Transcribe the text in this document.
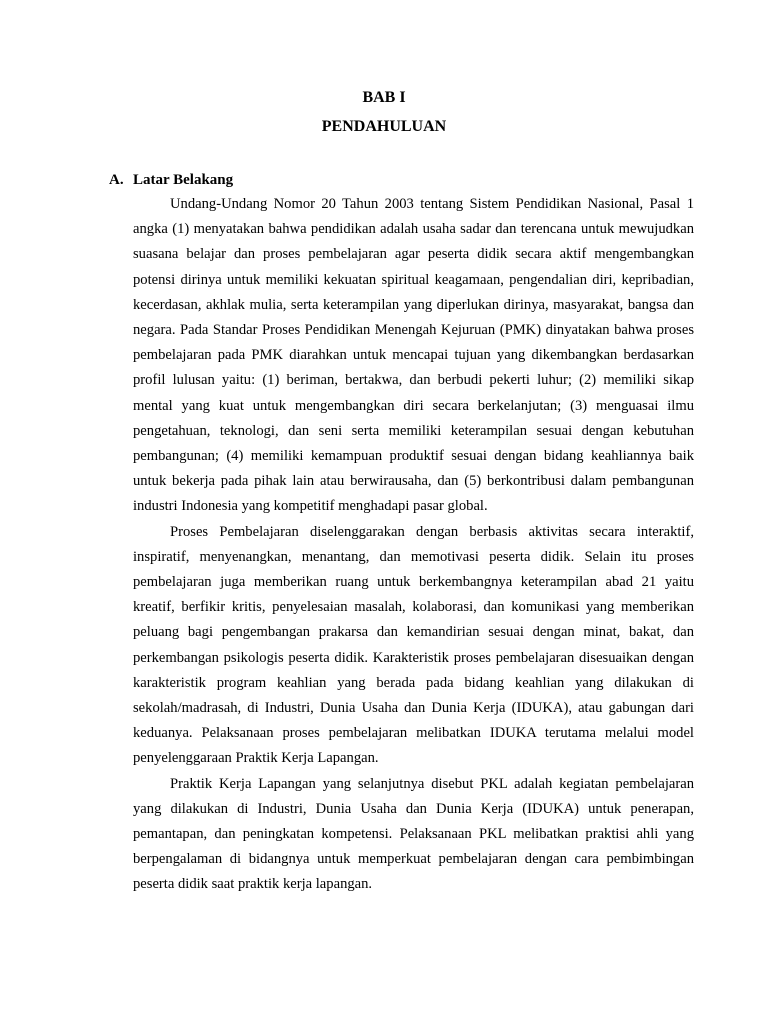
BAB I
PENDAHULUAN
A. Latar Belakang

Undang-Undang Nomor 20 Tahun 2003 tentang Sistem Pendidikan Nasional, Pasal 1 angka (1) menyatakan bahwa pendidikan adalah usaha sadar dan terencana untuk mewujudkan suasana belajar dan proses pembelajaran agar peserta didik secara aktif mengembangkan potensi dirinya untuk memiliki kekuatan spiritual keagamaan, pengendalian diri, kepribadian, kecerdasan, akhlak mulia, serta keterampilan yang diperlukan dirinya, masyarakat, bangsa dan negara. Pada Standar Proses Pendidikan Menengah Kejuruan (PMK) dinyatakan bahwa proses pembelajaran pada PMK diarahkan untuk mencapai tujuan yang dikembangkan berdasarkan profil lulusan yaitu: (1) beriman, bertakwa, dan berbudi pekerti luhur; (2) memiliki sikap mental yang kuat untuk mengembangkan diri secara berkelanjutan; (3) menguasai ilmu pengetahuan, teknologi, dan seni serta memiliki keterampilan sesuai dengan kebutuhan pembangunan; (4) memiliki kemampuan produktif sesuai dengan bidang keahliannya baik untuk bekerja pada pihak lain atau berwirausaha, dan (5) berkontribusi dalam pembangunan industri Indonesia yang kompetitif menghadapi pasar global.

Proses Pembelajaran diselenggarakan dengan berbasis aktivitas secara interaktif, inspiratif, menyenangkan, menantang, dan memotivasi peserta didik. Selain itu proses pembelajaran juga memberikan ruang untuk berkembangnya keterampilan abad 21 yaitu kreatif, berfikir kritis, penyelesaian masalah, kolaborasi, dan komunikasi yang memberikan peluang bagi pengembangan prakarsa dan kemandirian sesuai dengan minat, bakat, dan perkembangan psikologis peserta didik. Karakteristik proses pembelajaran disesuaikan dengan karakteristik program keahlian yang berada pada bidang keahlian yang dilakukan di sekolah/madrasah, di Industri, Dunia Usaha dan Dunia Kerja (IDUKA), atau gabungan dari keduanya. Pelaksanaan proses pembelajaran melibatkan IDUKA terutama melalui model penyelenggaraan Praktik Kerja Lapangan.

Praktik Kerja Lapangan yang selanjutnya disebut PKL adalah kegiatan pembelajaran yang dilakukan di Industri, Dunia Usaha dan Dunia Kerja (IDUKA) untuk penerapan, pemantapan, dan peningkatan kompetensi. Pelaksanaan PKL melibatkan praktisi ahli yang berpengalaman di bidangnya untuk memperkuat pembelajaran dengan cara pembimbingan peserta didik saat praktik kerja lapangan.
